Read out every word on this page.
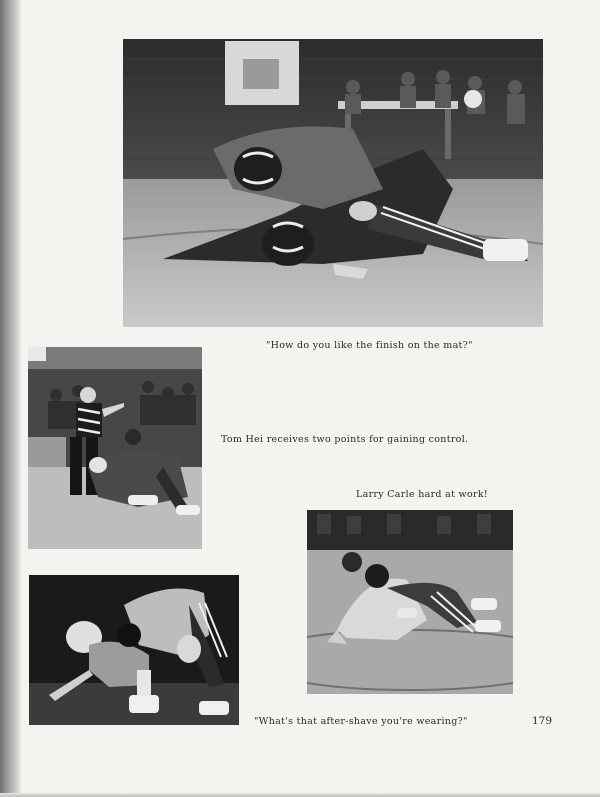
"How do you like the finish on the mat?"
Tom Hei receives two points for gaining control.
Larry Carle hard at work!
"What's that after-shave you're wearing?"	179
